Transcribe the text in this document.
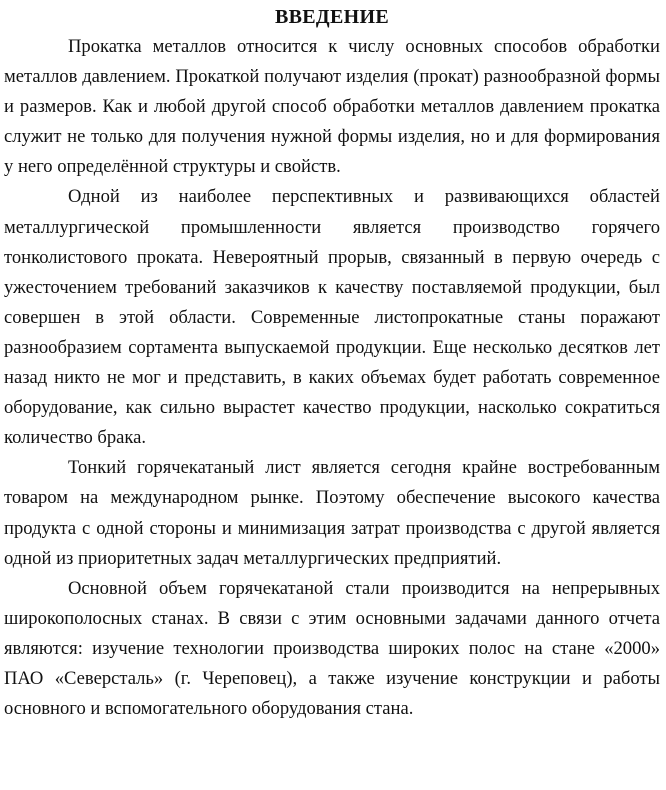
ВВЕДЕНИЕ

Прокатка металлов относится к числу основных способов обработки металлов давлением. Прокаткой получают изделия (прокат) разнообразной формы и размеров. Как и любой другой способ обработки металлов давлением прокатка служит не только для получения нужной формы изделия, но и для формирования у него определённой структуры и свойств.

Одной из наиболее перспективных и развивающихся областей металлургической промышленности является производство горячего тонколистового проката. Невероятный прорыв, связанный в первую очередь с ужесточением требований заказчиков к качеству поставляемой продукции, был совершен в этой области. Современные листопрокатные станы поражают разнообразием сортамента выпускаемой продукции. Еще несколько десятков лет назад никто не мог и представить, в каких объемах будет работать современное оборудование, как сильно вырастет качество продукции, насколько сократиться количество брака.

Тонкий горячекатаный лист является сегодня крайне востребованным товаром на международном рынке. Поэтому обеспечение высокого качества продукта с одной стороны и минимизация затрат производства с другой является одной из приоритетных задач металлургических предприятий.

Основной объем горячекатаной стали производится на непрерывных широкополосных станах. В связи с этим основными задачами данного отчета являются: изучение технологии производства широких полос на стане «2000» ПАО «Северсталь» (г. Череповец), а также изучение конструкции и работы основного и вспомогательного оборудования стана.
